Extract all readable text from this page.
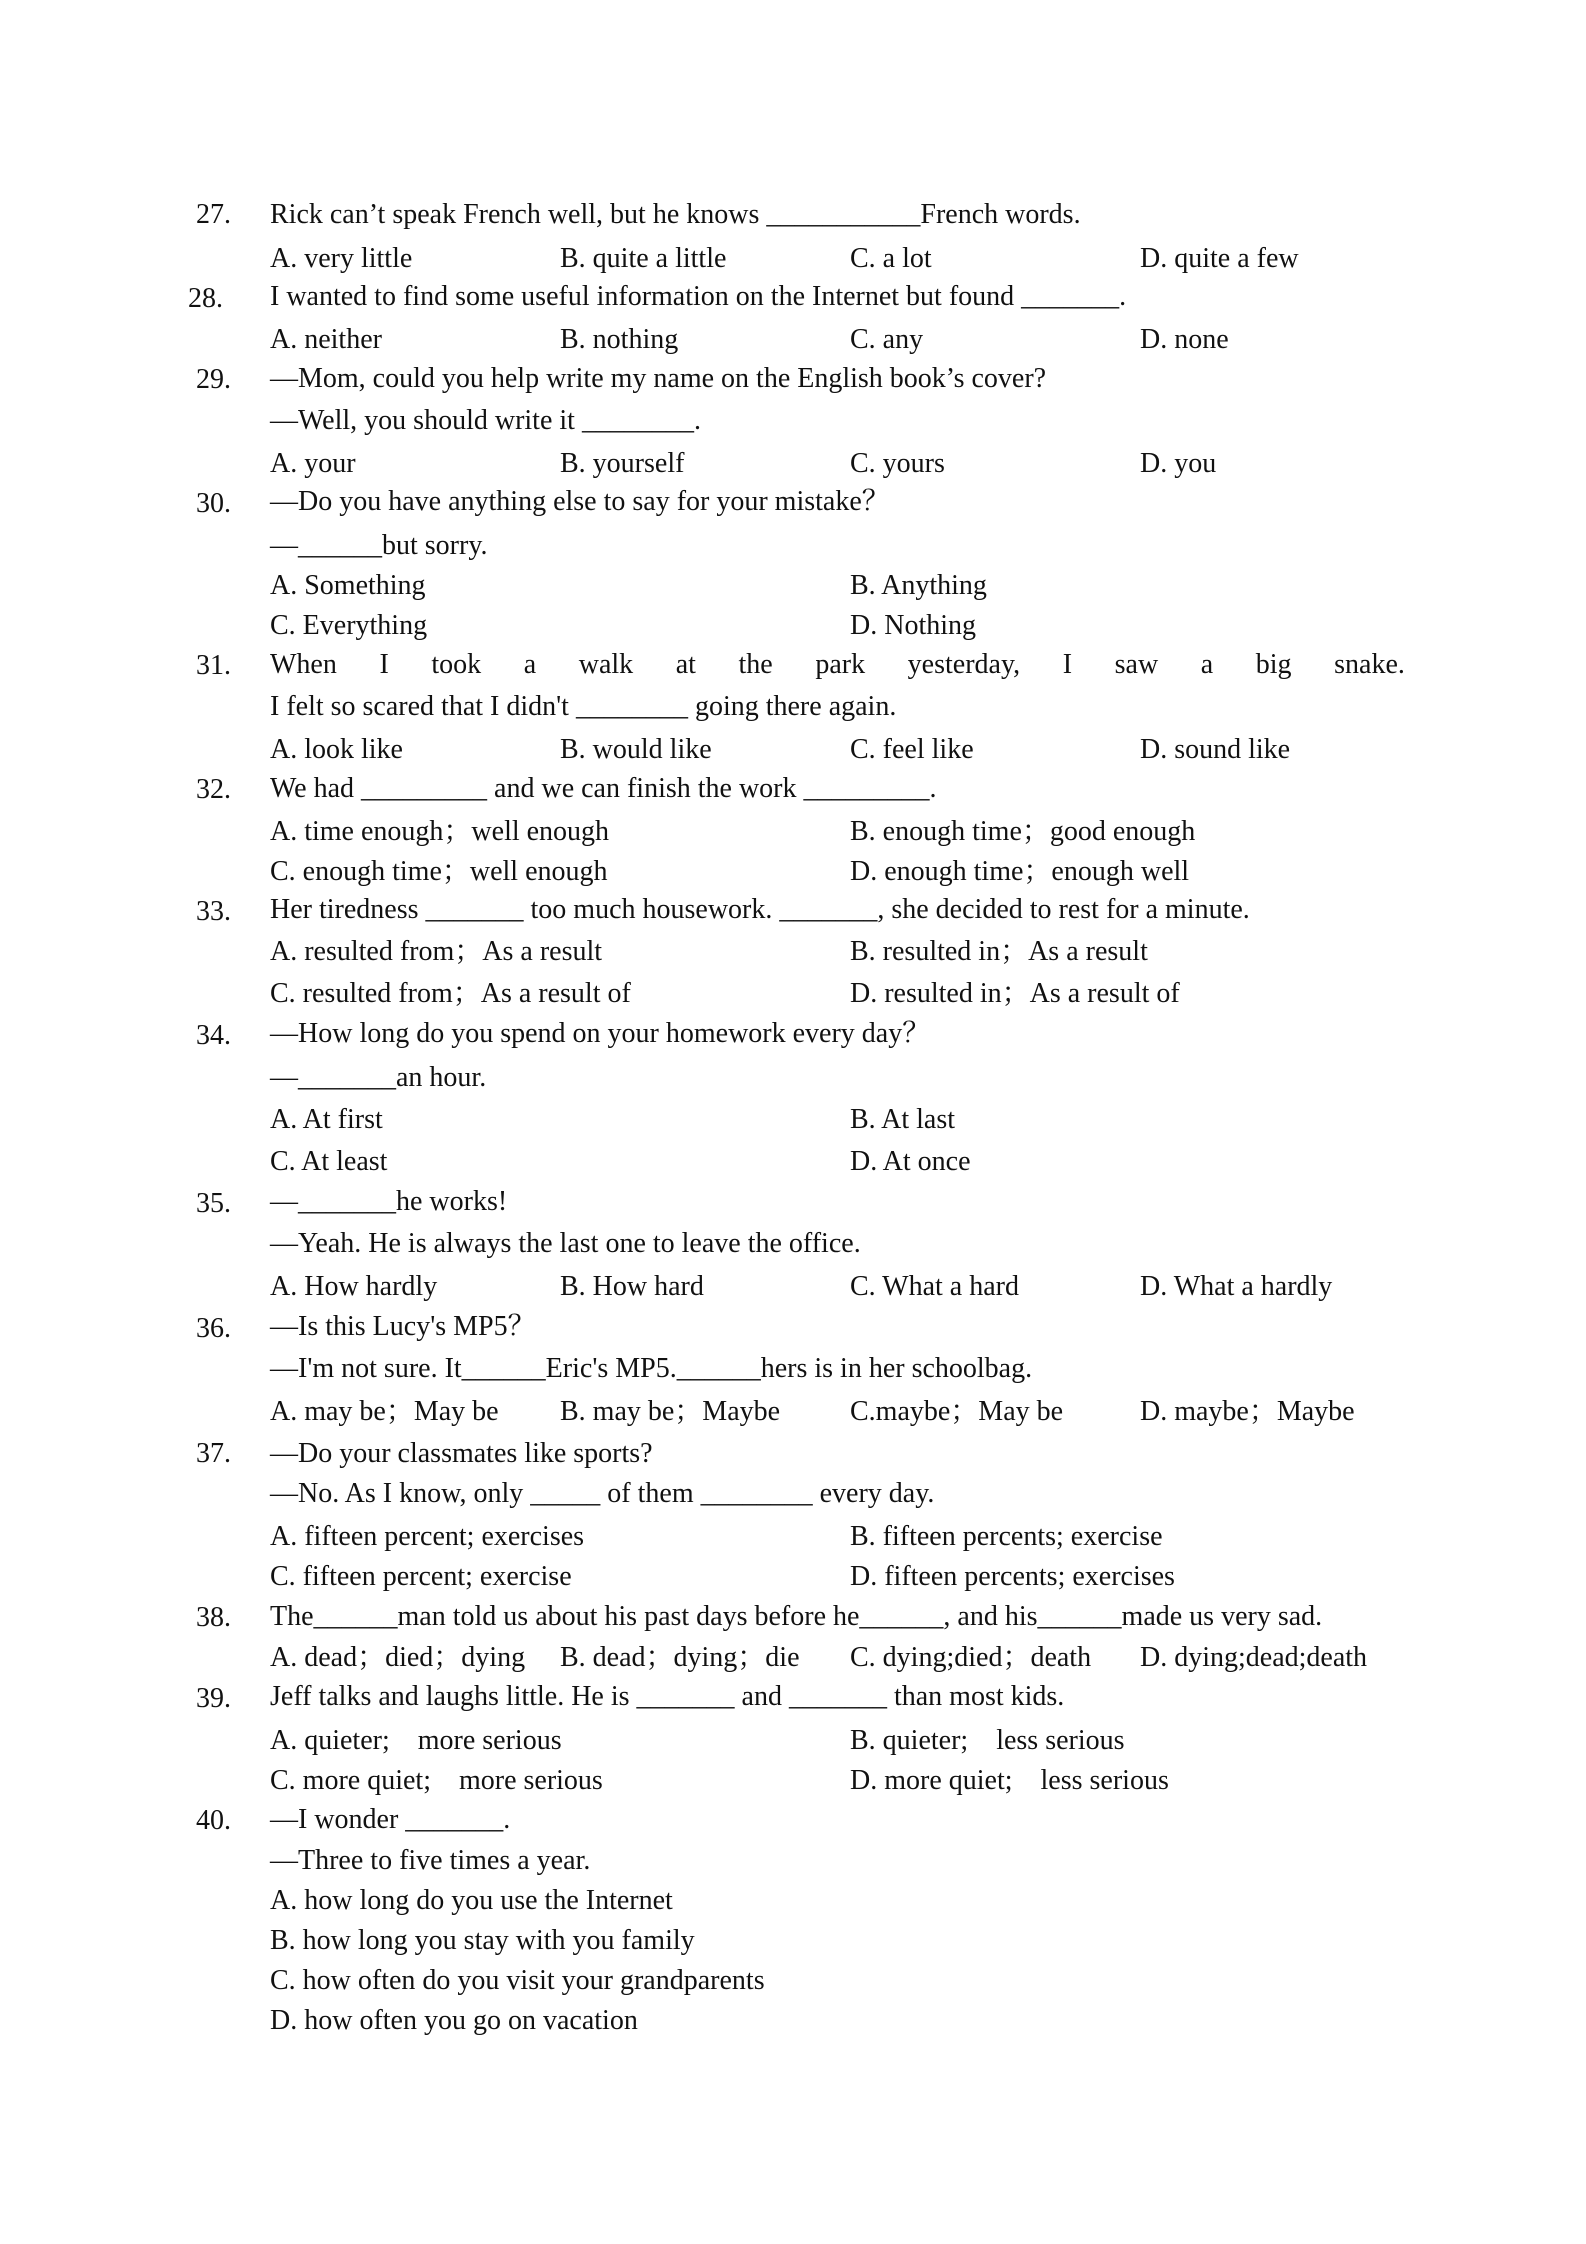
27. Rick can’t speak French well, but he knows ___________French words.
A. very little	B. quite a little	C. a lot	D. quite a few
28. I wanted to find some useful information on the Internet but found _______.
A. neither	B. nothing	C. any	D. none
29. —Mom, could you help write my name on the English book’s cover?
—Well, you should write it ________.
A. your	B. yourself	C. yours	D. you
30. —Do you have anything else to say for your mistake？
—______but sorry.
A. Something	B. Anything
C. Everything	D. Nothing
31. When I took a walk at the park yesterday, I saw a big snake.
I felt so scared that I didn't ________ going there again.
A. look like	B. would like	C. feel like	D. sound like
32. We had _________ and we can finish the work _________.
A. time enough；well enough	B. enough time；good enough
C. enough time；well enough	D. enough time；enough well
33. Her tiredness _______ too much housework. _______, she decided to rest for a minute.
A. resulted from；As a result	B. resulted in；As a result
C. resulted from；As a result of	D. resulted in；As a result of
34. —How long do you spend on your homework every day？
—_______an hour.
A. At first	B. At last
C. At least	D. At once
35. —_______he works!
—Yeah. He is always the last one to leave the office.
A. How hardly	B. How hard	C. What a hard	D. What a hardly
36. —Is this Lucy's MP5？
—I'm not sure. It______Eric's MP5.______hers is in her schoolbag.
A. may be；May be B. may be；Maybe C.maybe；May be	D. maybe；Maybe
37. —Do your classmates like sports?
—No. As I know, only _____ of them ________ every day.
A. fifteen percent; exercises	B. fifteen percents; exercise
C. fifteen percent; exercise	D. fifteen percents; exercises
38. The______man told us about his past days before he______, and his______made us very sad.
A. dead；died；dying B. dead；dying；die C. dying;died；death D. dying;dead;death
39. Jeff talks and laughs little. He is _______ and _______ than most kids.
A. quieter;    more serious	B. quieter;    less serious
C. more quiet;    more serious	D. more quiet;    less serious
40. —I wonder _______.
—Three to five times a year.
A. how long do you use the Internet
B. how long you stay with you family
C. how often do you visit your grandparents
D. how often you go on vacation
